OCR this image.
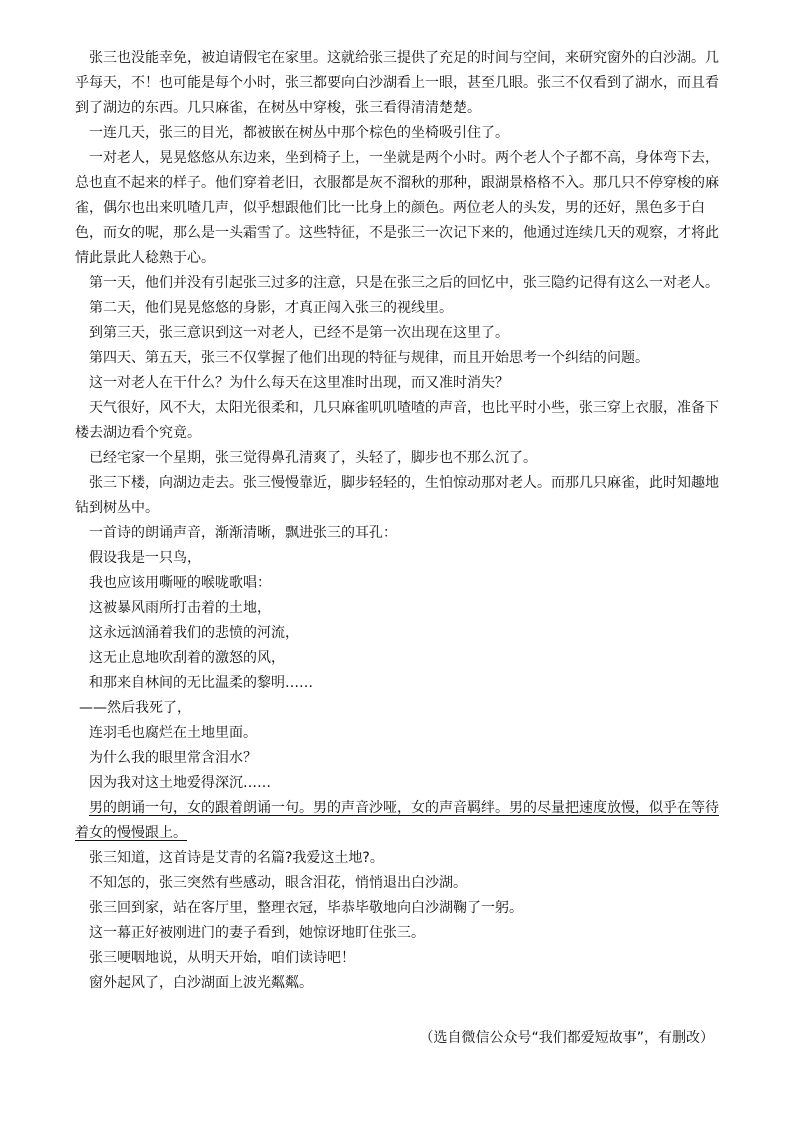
张三也没能幸免，被迫请假宅在家里。这就给张三提供了充足的时间与空间，来研究窗外的白沙湖。几乎每天，不！也可能是每个小时，张三都要向白沙湖看上一眼，甚至几眼。张三不仅看到了湖水，而且看到了湖边的东西。几只麻雀，在树丛中穿梭，张三看得清清楚楚。

一连几天，张三的目光，都被嵌在树丛中那个棕色的坐椅吸引住了。

一对老人，晃晃悠悠从东边来，坐到椅子上，一坐就是两个小时。两个老人个子都不高，身体弯下去，总也直不起来的样子。他们穿着老旧，衣服都是灰不溜秋的那种，跟湖景格格不入。那几只不停穿梭的麻雀，偶尔也出来叽喳几声，似乎想跟他们比一比身上的颜色。两位老人的头发，男的还好，黑色多于白色，而女的呢，那么是一头霜雪了。这些特征，不是张三一次记下来的，他通过连续几天的观察，才将此情此景此人稔熟于心。

第一天，他们并没有引起张三过多的注意，只是在张三之后的回忆中，张三隐约记得有这么一对老人。

第二天，他们晃晃悠悠的身影，才真正闯入张三的视线里。

到第三天，张三意识到这一对老人，已经不是第一次出现在这里了。

第四天、第五天，张三不仅掌握了他们出现的特征与规律，而且开始思考一个纠结的问题。

这一对老人在干什么？为什么每天在这里准时出现，而又准时消失？

天气很好，风不大，太阳光很柔和，几只麻雀叽叽喳喳的声音，也比平时小些，张三穿上衣服，准备下楼去湖边看个究竟。

已经宅家一个星期，张三觉得鼻孔清爽了，头轻了，脚步也不那么沉了。

张三下楼，向湖边走去。张三慢慢靠近，脚步轻轻的，生怕惊动那对老人。而那几只麻雀，此时知趣地钻到树丛中。

一首诗的朗诵声音，渐渐清晰，飘进张三的耳孔：

假设我是一只鸟，

我也应该用嘶哑的喉咙歌唱：

这被暴风雨所打击着的土地，

这永远汹涌着我们的悲愤的河流，

这无止息地吹刮着的激怒的风，

和那来自林间的无比温柔的黎明……

——然后我死了，

连羽毛也腐烂在土地里面。

为什么我的眼里常含泪水？

因为我对这土地爱得深沉……

男的朗诵一句，女的跟着朗诵一句。男的声音沙哑，女的声音羁绊。男的尽量把速度放慢，似乎在等待着女的慢慢跟上。

张三知道，这首诗是艾青的名篇?我爱这土地?。

不知怎的，张三突然有些感动，眼含泪花，悄悄退出白沙湖。

张三回到家，站在客厅里，整理衣冠，毕恭毕敬地向白沙湖鞠了一躬。

这一幕正好被刚进门的妻子看到，她惊讶地盯住张三。

张三哽咽地说，从明天开始，咱们读诗吧！

窗外起风了，白沙湖面上波光粼粼。

（选自微信公众号“我们都爱短故事”，有删改）
